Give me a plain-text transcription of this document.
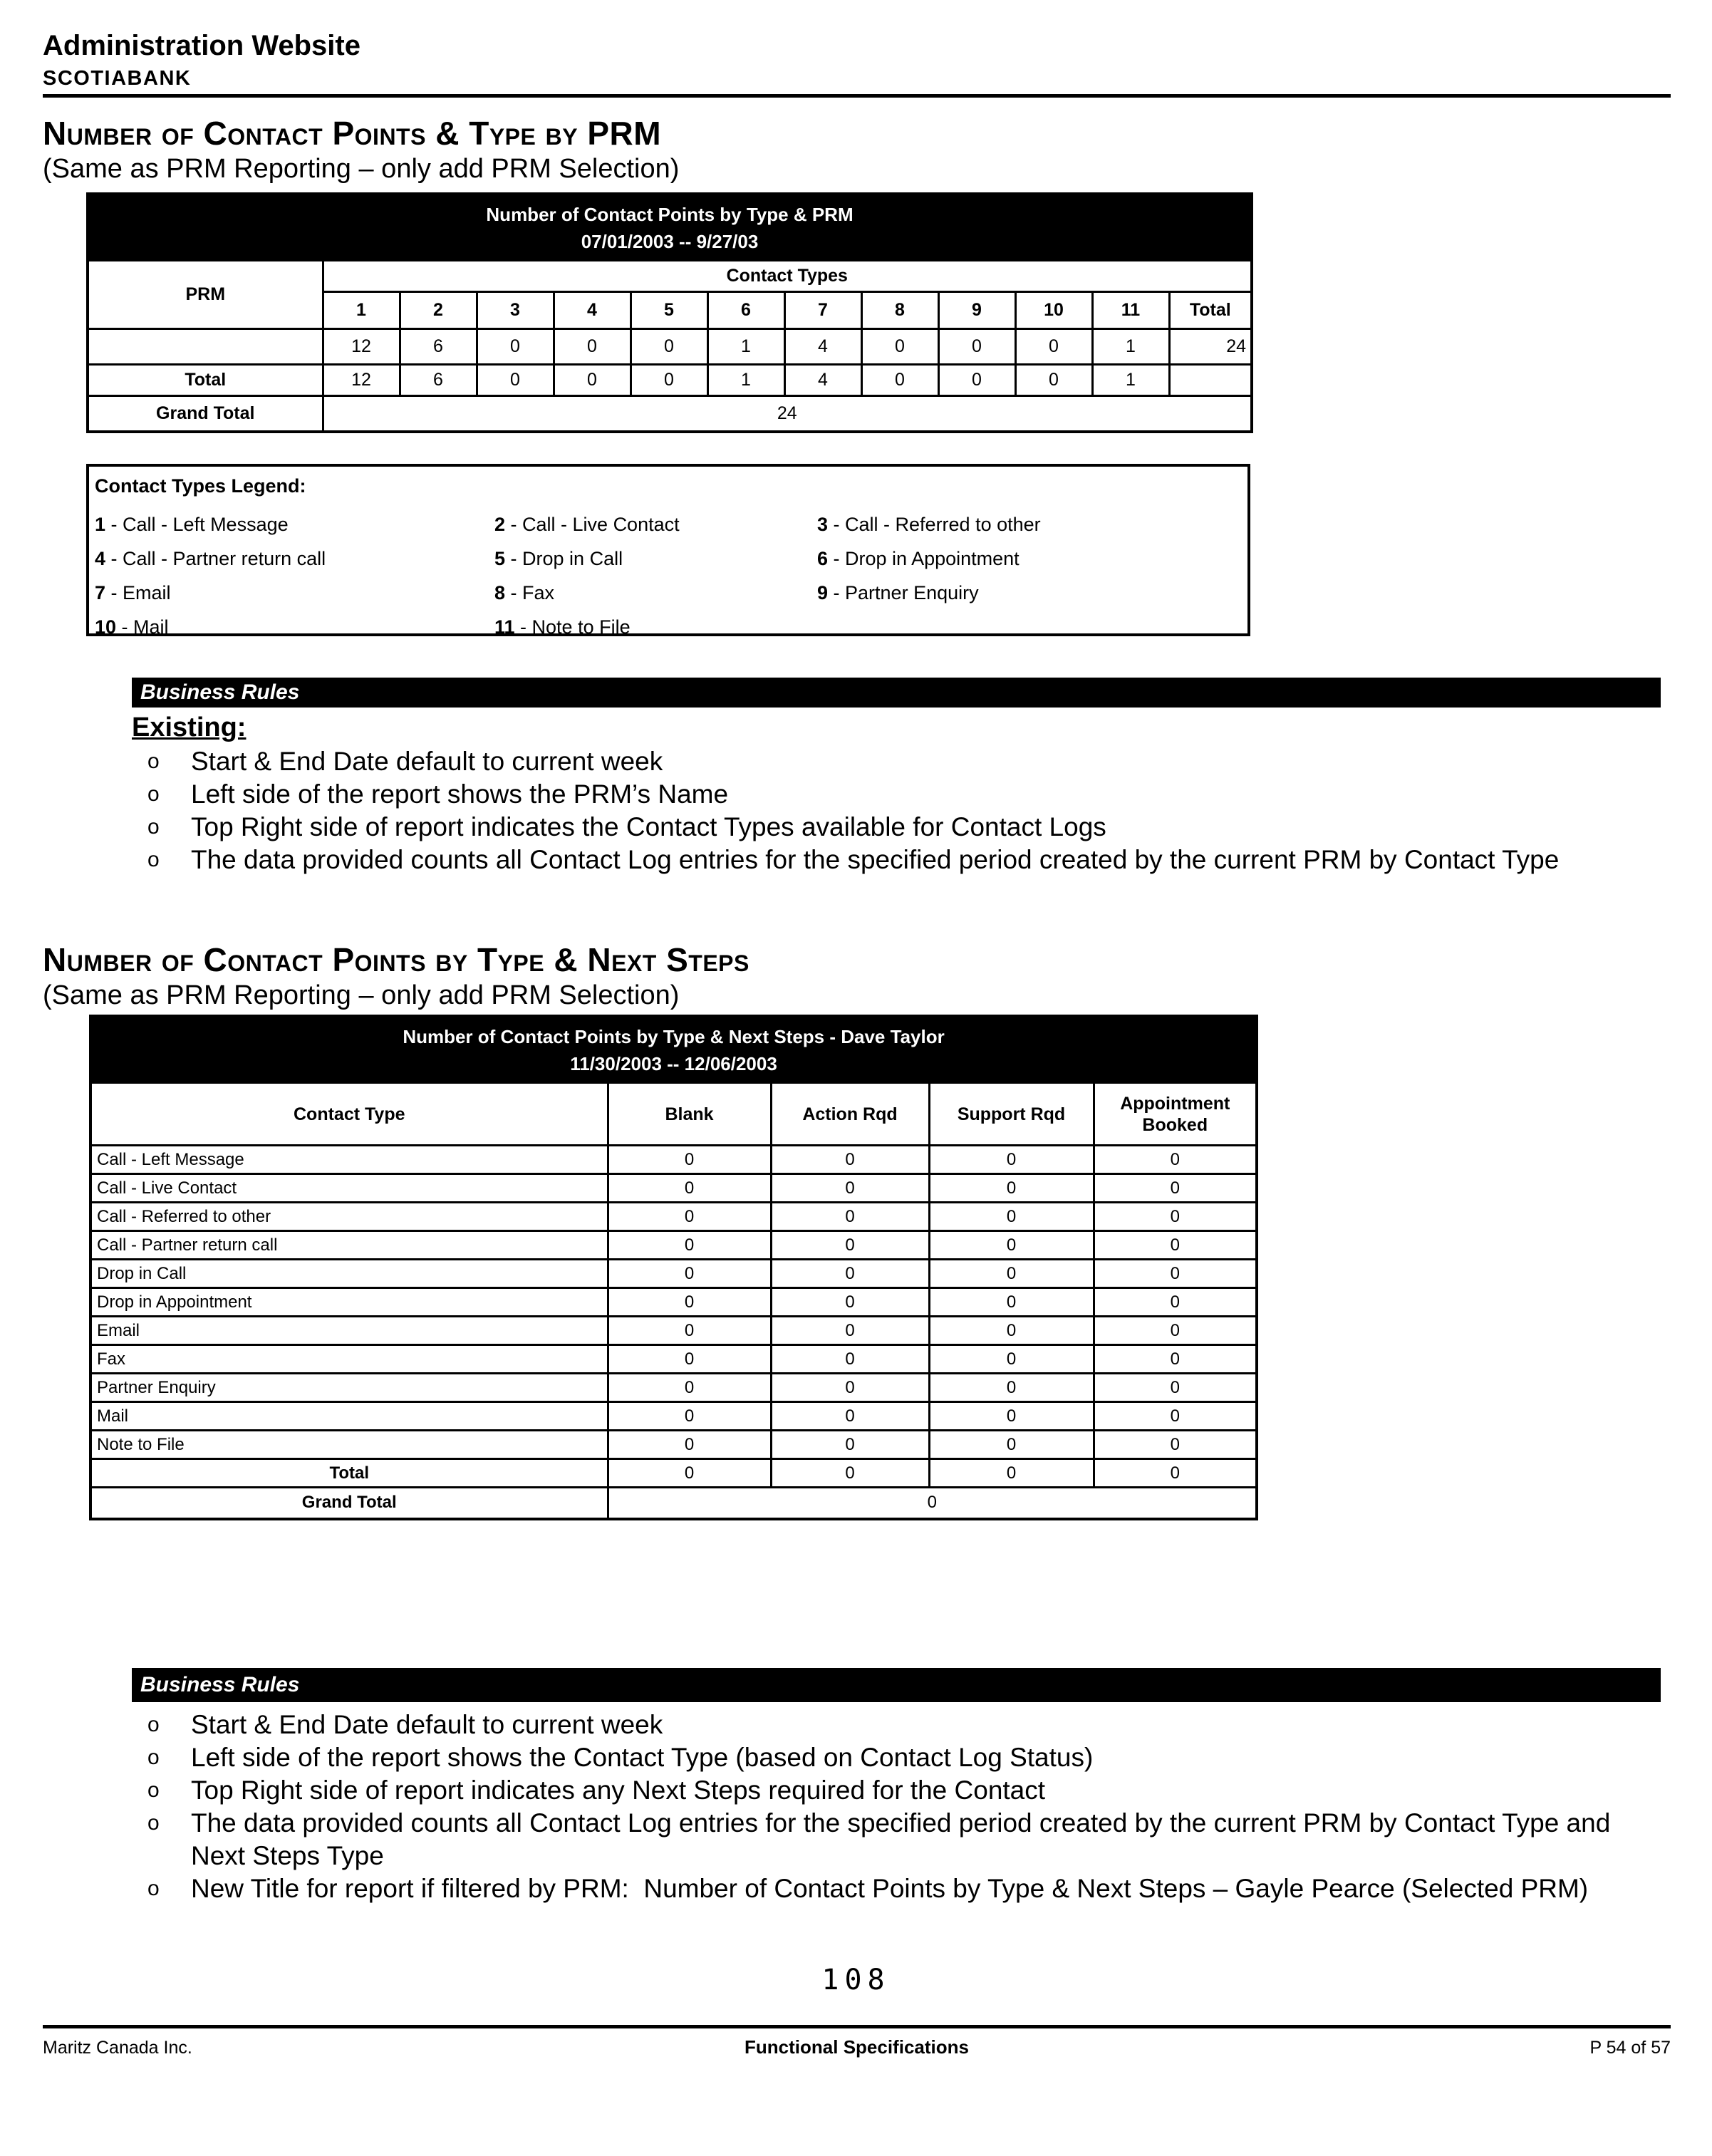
Administration Website
SCOTIABANK
Number of Contact Points & Type by PRM
(Same as PRM Reporting – only add PRM Selection)
Number of Contact Points by Type & PRM
07/01/2003 -- 9/27/03												

PRM	Contact Types											
	1	2	3	4	5	6	7	8	9	10	11	Total
	12	6	0	0	0	1	4	0	0	0	1	24
Total	12	6	0	0	0	1	4	0	0	0	1	
Grand Total	24											
Contact Types Legend:
1 - Call - Left Message	2 - Call - Live Contact	3 - Call - Referred to other
4 - Call - Partner return call	5 - Drop in Call	6 - Drop in Appointment
7 - Email	8 - Fax	9 - Partner Enquiry
10 - Mail	11 - Note to File
Business Rules
Existing:
o	Start & End Date default to current week
o	Left side of the report shows the PRM’s Name
o	Top Right side of report indicates the Contact Types available for Contact Logs
o	The data provided counts all Contact Log entries for the specified period created by the current PRM by Contact Type
Number of Contact Points by Type & Next Steps
(Same as PRM Reporting – only add PRM Selection)
Number of Contact Points by Type & Next Steps - Dave Taylor
11/30/2003 -- 12/06/2003				

Contact Type	Blank	Action Rqd	Support Rqd	Appointment Booked
Call - Left Message	0	0	0	0
Call - Live Contact	0	0	0	0
Call - Referred to other	0	0	0	0
Call - Partner return call	0	0	0	0
Drop in Call	0	0	0	0
Drop in Appointment	0	0	0	0
Email	0	0	0	0
Fax	0	0	0	0
Partner Enquiry	0	0	0	0
Mail	0	0	0	0
Note to File	0	0	0	0
Total	0	0	0	0
Grand Total	0			
Business Rules
o	Start & End Date default to current week
o	Left side of the report shows the Contact Type (based on Contact Log Status)
o	Top Right side of report indicates any Next Steps required for the Contact
o	The data provided counts all Contact Log entries for the specified period created by the current PRM by Contact Type and Next Steps Type
o	New Title for report if filtered by PRM:  Number of Contact Points by Type & Next Steps – Gayle Pearce (Selected PRM)
108
Maritz Canada Inc.	Functional Specifications	P 54 of 57
